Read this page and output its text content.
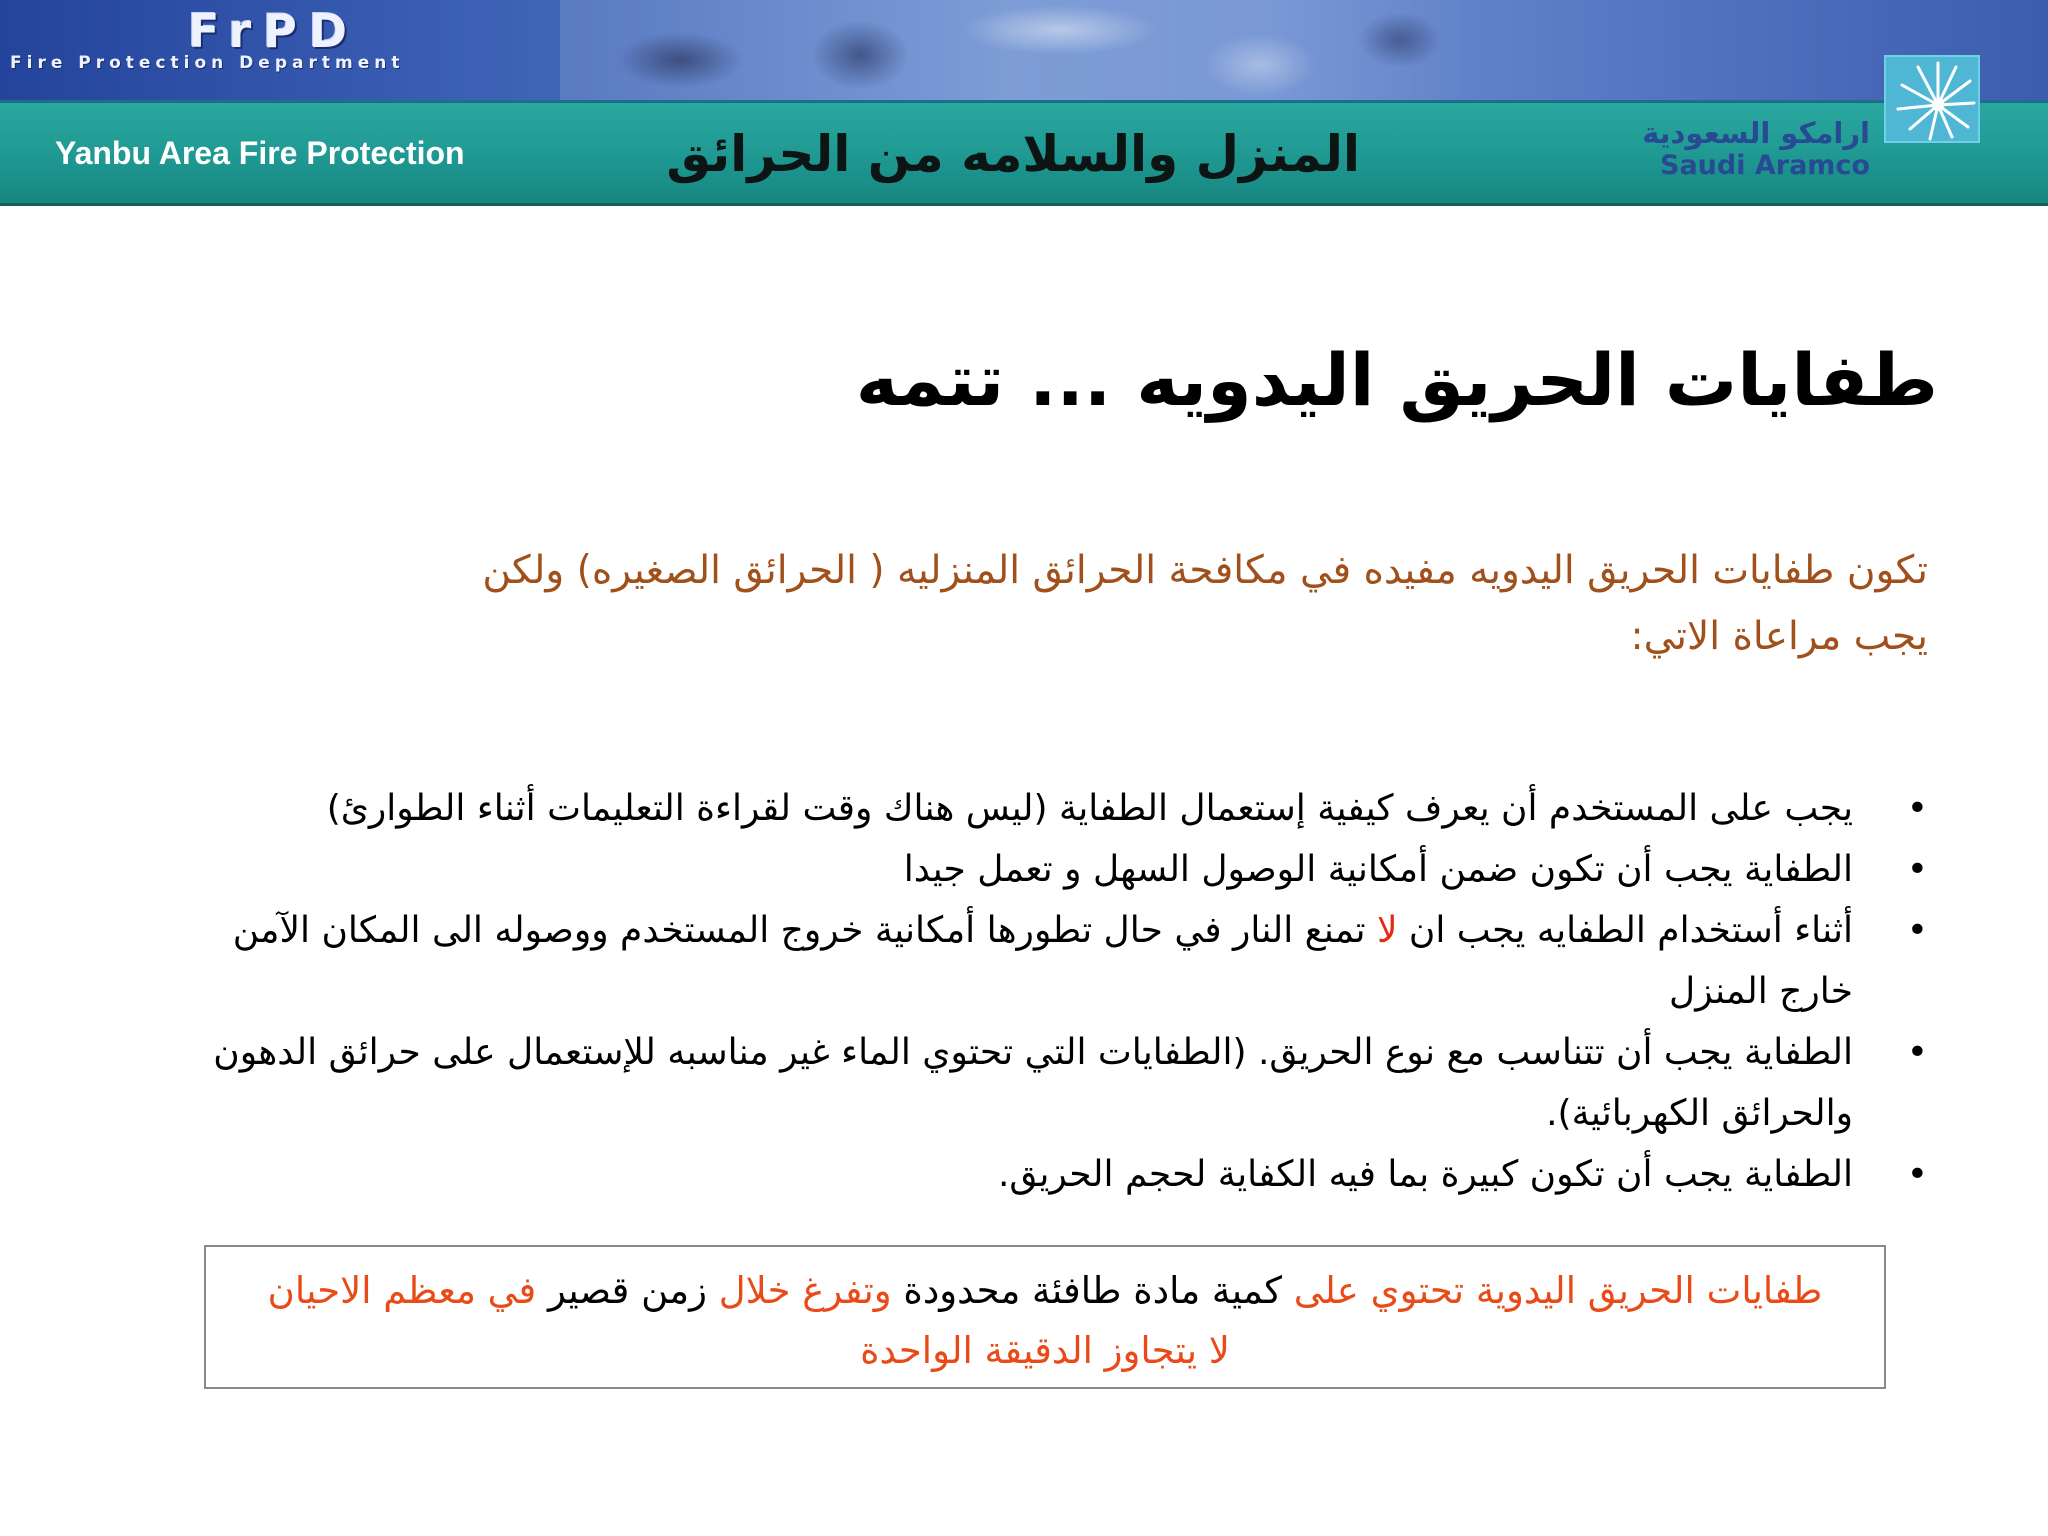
FrPD
Fire Protection Department
Yanbu Area Fire Protection	المنزل والسلامه من الحرائق	ارامكو السعودية
Saudi Aramco
طفايات الحريق اليدويه ... تتمه
تكون طفايات الحريق اليدويه مفيده في مكافحة الحرائق المنزليه ( الحرائق الصغيره) ولكن
يجب مراعاة الاتي:
•
يجب على المستخدم أن يعرف كيفية إستعمال الطفاية (ليس هناك وقت لقراءة التعليمات أثناء الطوارئ)
•
الطفاية يجب أن تكون ضمن أمكانية الوصول السهل و تعمل جيدا
•
أثناء أستخدام الطفايه يجب ان لا تمنع النار في حال تطورها أمكانية خروج المستخدم ووصوله الى المكان الآمن خارج المنزل
•
الطفاية يجب أن تتناسب مع نوع الحريق. (الطفايات التي تحتوي الماء غير مناسبه للإستعمال على حرائق الدهون والحرائق الكهربائية).
•
الطفاية يجب أن تكون كبيرة بما فيه الكفاية لحجم الحريق.
طفايات الحريق اليدوية تحتوي على كمية مادة طافئة محدودة وتفرغ خلال زمن قصير في معظم الاحيان لا يتجاوز الدقيقة الواحدة
